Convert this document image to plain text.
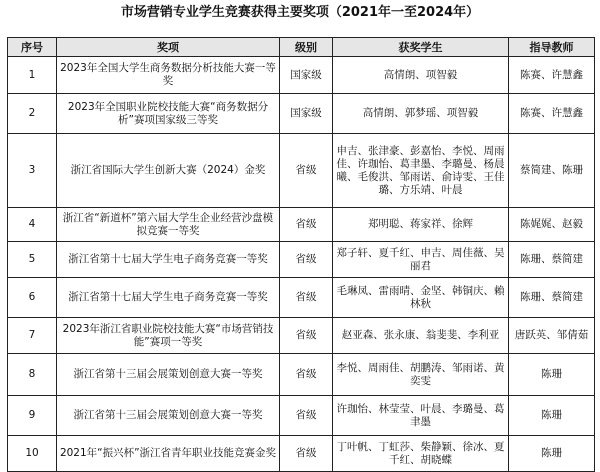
市场营销专业学生竞赛获得主要奖项（2021年一至2024年）
序号	奖项	级别	获奖学生	指导教师
1	2023年全国大学生商务数据分析技能大赛一等奖	国家级	高情朗、项智毅	陈赛、许慧鑫
2	2023年全国职业院校技能大赛“商务数据分析”赛项国家级三等奖	国家级	高情朗、郭梦瑶、项智毅	陈赛、许慧鑫
3	浙江省国际大学生创新大赛（2024）金奖	省级	申吉、张津豪、彭嘉怡、李悦、周雨佳、许珈怡、葛聿墨、李璐曼、杨晨曦、毛俊洪、邹雨诺、俞诗雯、王佳璐、方乐靖、叶晨	蔡简建、陈珊
4	浙江省“新道杯”第六届大学生企业经营沙盘模拟竞赛一等奖	省级	郑明聪、蒋家祥、徐辉	陈娓娓、赵毅
5	浙江省第十七届大学生电子商务竞赛一等奖	省级	郑子轩、夏千红、申吉、周佳薇、吴丽君	陈珊、蔡简建
6	浙江省第十七届大学生电子商务竞赛一等奖	省级	毛琳凤、雷雨晴、金坚、韩铜庆、賴林秋	陈珊、蔡简建
7	2023年浙江省职业院校技能大赛“市场营销技能”赛项一等奖	省级	赵亚森、张永康、翁斐斐、李利亚	唐跃英、邹倩茹
8	浙江省第十三届会展策划创意大赛一等奖	省级	李悦、周雨佳、胡鹏涛、邹雨诺、黄奕雯	陈珊
9	浙江省第十三届会展策划创意大赛一等奖	省级	许珈怡、林莹莹、叶晨、李璐曼、葛聿墨	陈珊
10	2021年“振兴杯”浙江省青年职业技能竞赛金奖	省级	丁叶帆、丁虹莎、柴静颖、徐冰、夏千红、胡晓蝶	陈珊
